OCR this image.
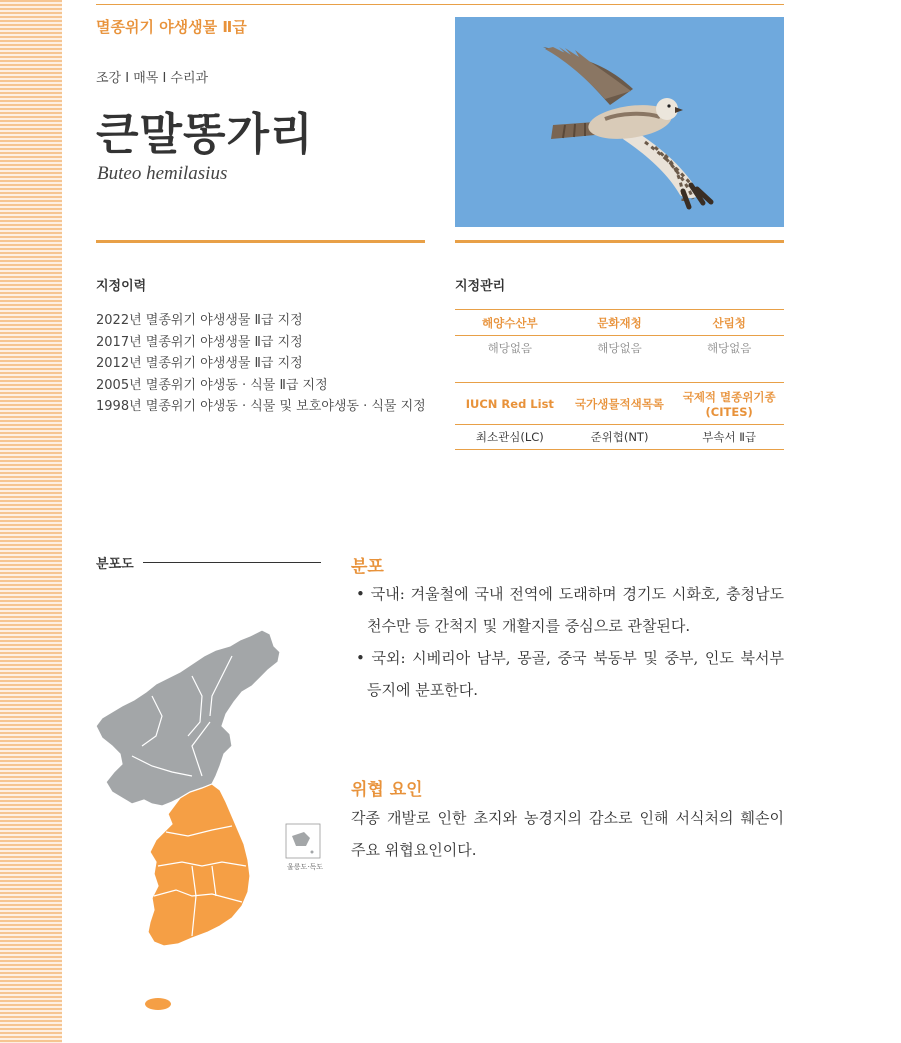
멸종위기 야생생물 Ⅱ급
조강 I 매목 I 수리과
큰말똥가리
Buteo hemilasius
지정이력
2022년 멸종위기 야생생물 Ⅱ급 지정
2017년 멸종위기 야생생물 Ⅱ급 지정
2012년 멸종위기 야생생물 Ⅱ급 지정
2005년 멸종위기 야생동 · 식물 Ⅱ급 지정
1998년 멸종위기 야생동 · 식물 및 보호야생동 · 식물 지정
지정관리
해양수산부	문화재청	산림청
해당없음	해당없음	해당없음
IUCN Red List	국가생물적색목록	국제적 멸종위기종 (CITES)
최소관심(LC)	준위협(NT)	부속서 Ⅱ급
분포도
울릉도·독도
분포
• 국내: 겨울철에 국내 전역에 도래하며 경기도 시화호, 충청남도 천수만 등 간척지 및 개활지를 중심으로 관찰된다.
• 국외: 시베리아 남부, 몽골, 중국 북동부 및 중부, 인도 북서부 등지에 분포한다.
위협 요인
각종 개발로 인한 초지와 농경지의 감소로 인해 서식처의 훼손이 주요 위협요인이다.
